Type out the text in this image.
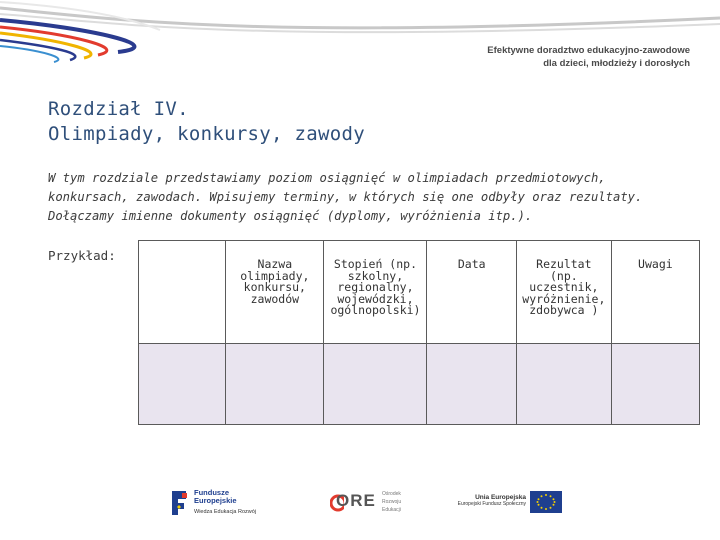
Efektywne doradztwo edukacyjno-zawodowe
dla dzieci, młodzieży i dorosłych
Rozdział IV.
Olimpiady, konkursy, zawody
W tym rozdziale przedstawiamy poziom osiągnięć w olimpiadach przedmiotowych, konkursach, zawodach. Wpisujemy terminy, w których się one odbyły oraz rezultaty. Dołączamy imienne dokumenty osiągnięć (dyplomy, wyróżnienia itp.).
Przykład:

	Nazwa olimpiady, konkursu, zawodów	Stopień (np. szkolny, regionalny, wojewódzki, ogólnopolski)	Data	Rezultat (np. uczestnik, wyróżnienie, zdobywca )	Uwagi

Fundusze
Europejskie
Wiedza Edukacja Rozwój
ORE Ośrodek
Rozwoju
Edukacji
Unia Europejska
Europejski Fundusz Społeczny
